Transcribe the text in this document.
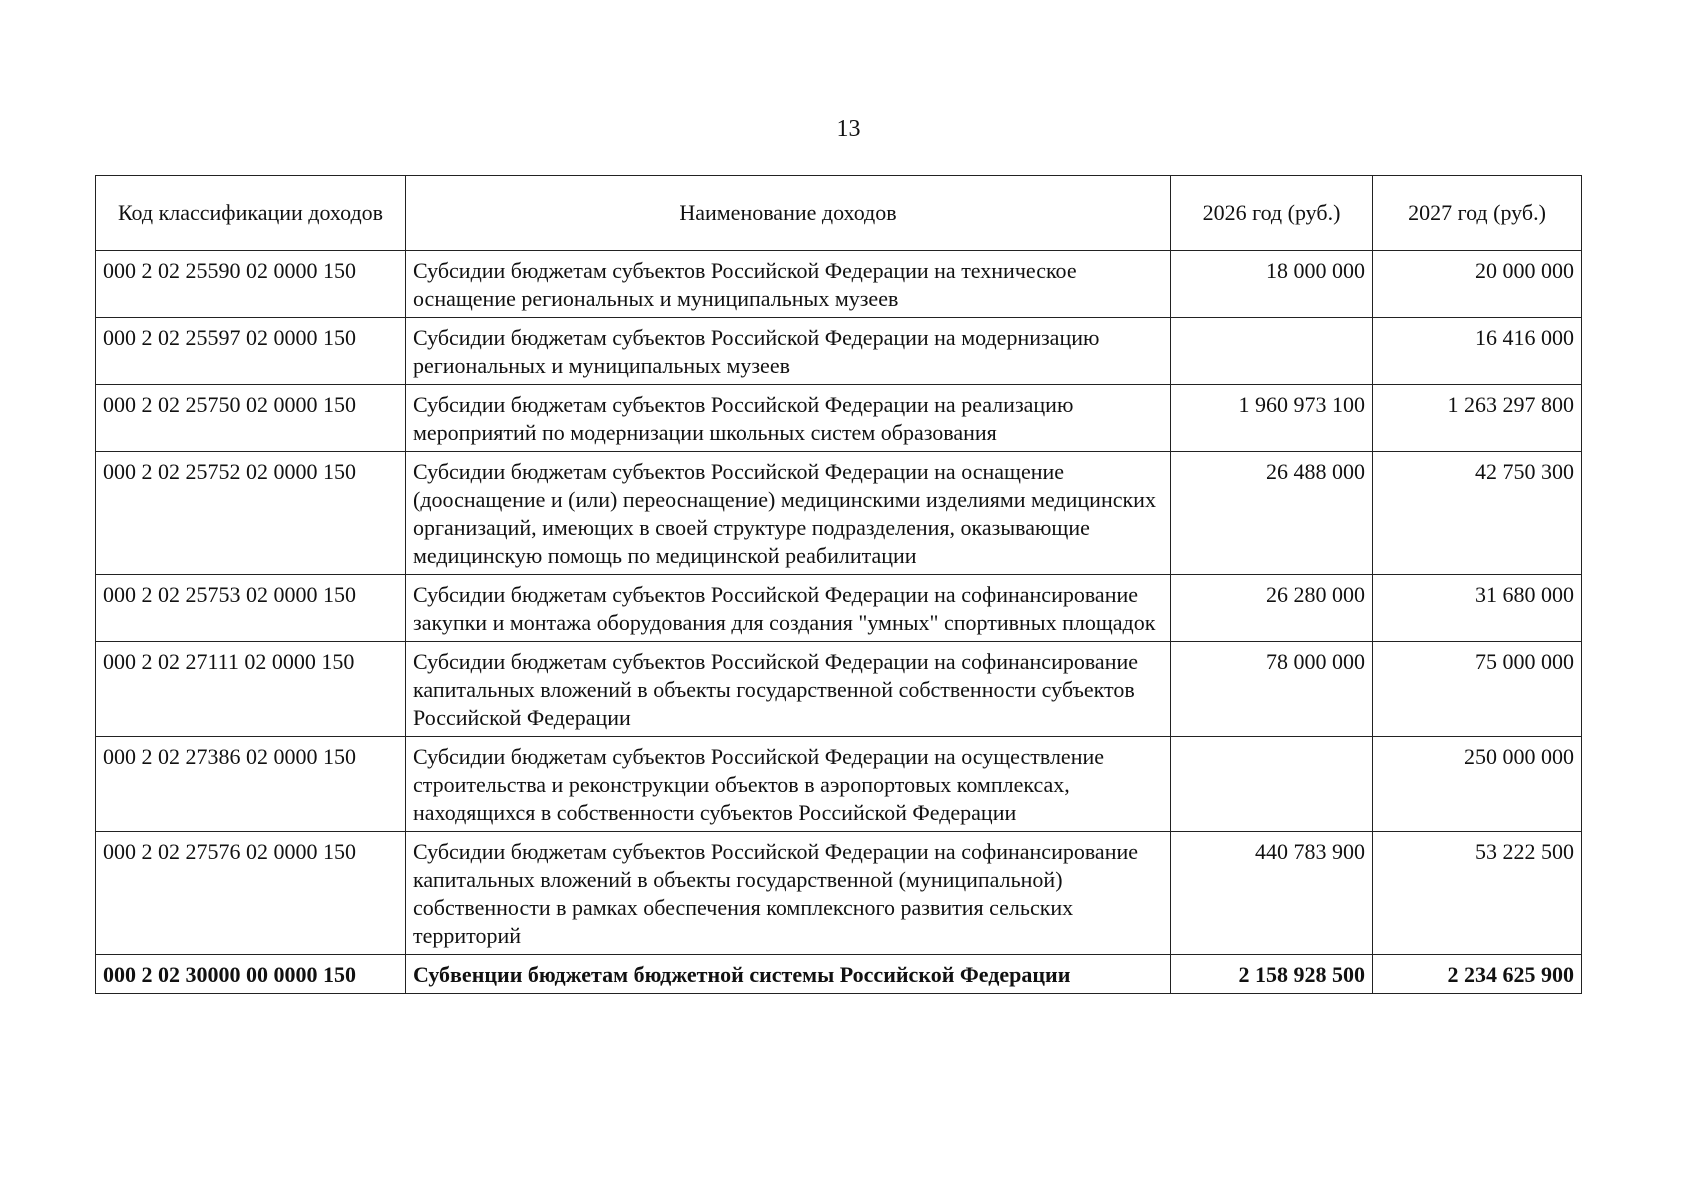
13
Код классификации доходов	Наименование доходов	2026 год (руб.)	2027 год (руб.)
000 2 02 25590 02 0000 150	Субсидии бюджетам субъектов Российской Федерации на техническое оснащение региональных и муниципальных музеев	18 000 000	20 000 000
000 2 02 25597 02 0000 150	Субсидии бюджетам субъектов Российской Федерации на модернизацию региональных и муниципальных музеев		16 416 000
000 2 02 25750 02 0000 150	Субсидии бюджетам субъектов Российской Федерации на реализацию мероприятий по модернизации школьных систем образования	1 960 973 100	1 263 297 800
000 2 02 25752 02 0000 150	Субсидии бюджетам субъектов Российской Федерации на оснащение (дооснащение и (или) переоснащение) медицинскими изделиями медицинских организаций, имеющих в своей структуре подразделения, оказывающие медицинскую помощь по медицинской реабилитации	26 488 000	42 750 300
000 2 02 25753 02 0000 150	Субсидии бюджетам субъектов Российской Федерации на софинансирование закупки и монтажа оборудования для создания "умных" спортивных площадок	26 280 000	31 680 000
000 2 02 27111 02 0000 150	Субсидии бюджетам субъектов Российской Федерации на софинансирование капитальных вложений в объекты государственной собственности субъектов Российской Федерации	78 000 000	75 000 000
000 2 02 27386 02 0000 150	Субсидии бюджетам субъектов Российской Федерации на осуществление строительства и реконструкции объектов в аэропортовых комплексах, находящихся в собственности субъектов Российской Федерации		250 000 000
000 2 02 27576 02 0000 150	Субсидии бюджетам субъектов Российской Федерации на софинансирование капитальных вложений в объекты государственной (муниципальной) собственности в рамках обеспечения комплексного развития сельских территорий	440 783 900	53 222 500
000 2 02 30000 00 0000 150	Субвенции бюджетам бюджетной системы Российской Федерации	2 158 928 500	2 234 625 900
